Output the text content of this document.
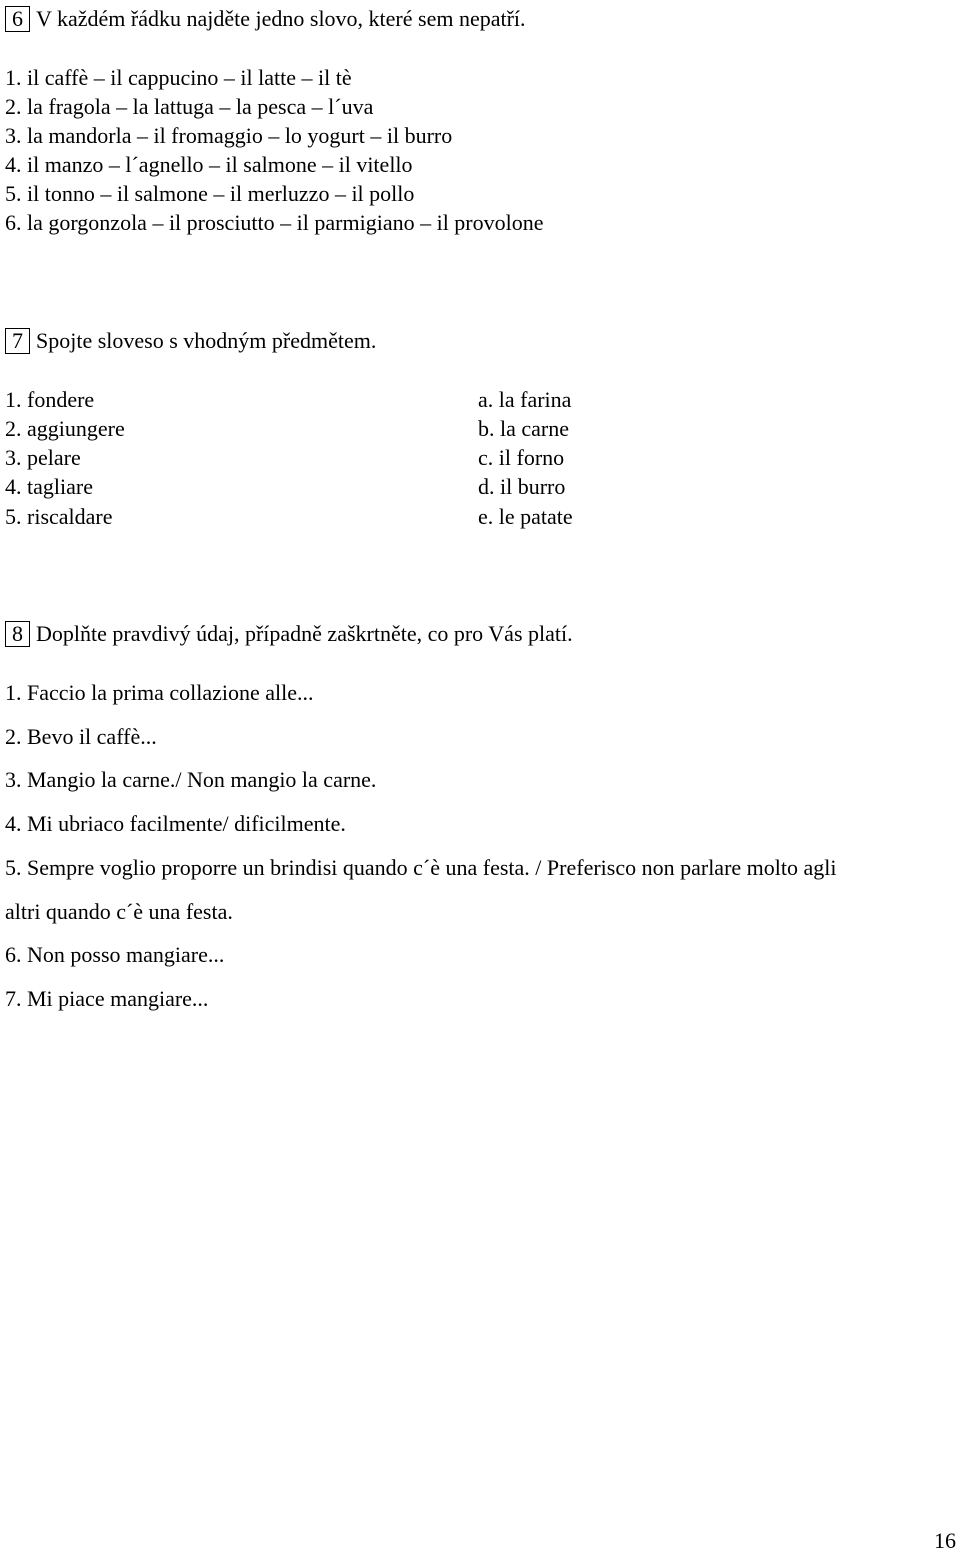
6 V každém řádku najděte jedno slovo, které sem nepatří.
1. il caffè – il cappucino – il latte – il tè
2. la fragola – la lattuga – la pesca – l´uva
3. la mandorla – il fromaggio – lo yogurt – il burro
4. il manzo – l´agnello – il salmone – il vitello
5. il tonno – il salmone – il merluzzo – il pollo
6. la gorgonzola – il prosciutto – il parmigiano – il provolone
7 Spojte sloveso s vhodným předmětem.
1. fondere
2. aggiungere
3. pelare
4. tagliare
5. riscaldare
a. la farina
b. la carne
c. il forno
d. il burro
e. le patate
8 Doplňte pravdivý údaj, případně zaškrtněte, co pro Vás platí.
1. Faccio la prima collazione alle...
2. Bevo il caffè...
3. Mangio la carne./ Non mangio la carne.
4. Mi ubriaco facilmente/ dificilmente.
5. Sempre voglio proporre un brindisi quando c´è una festa. / Preferisco non parlare molto agli
altri quando c´è una festa.
6. Non posso mangiare...
7. Mi piace mangiare...
16
